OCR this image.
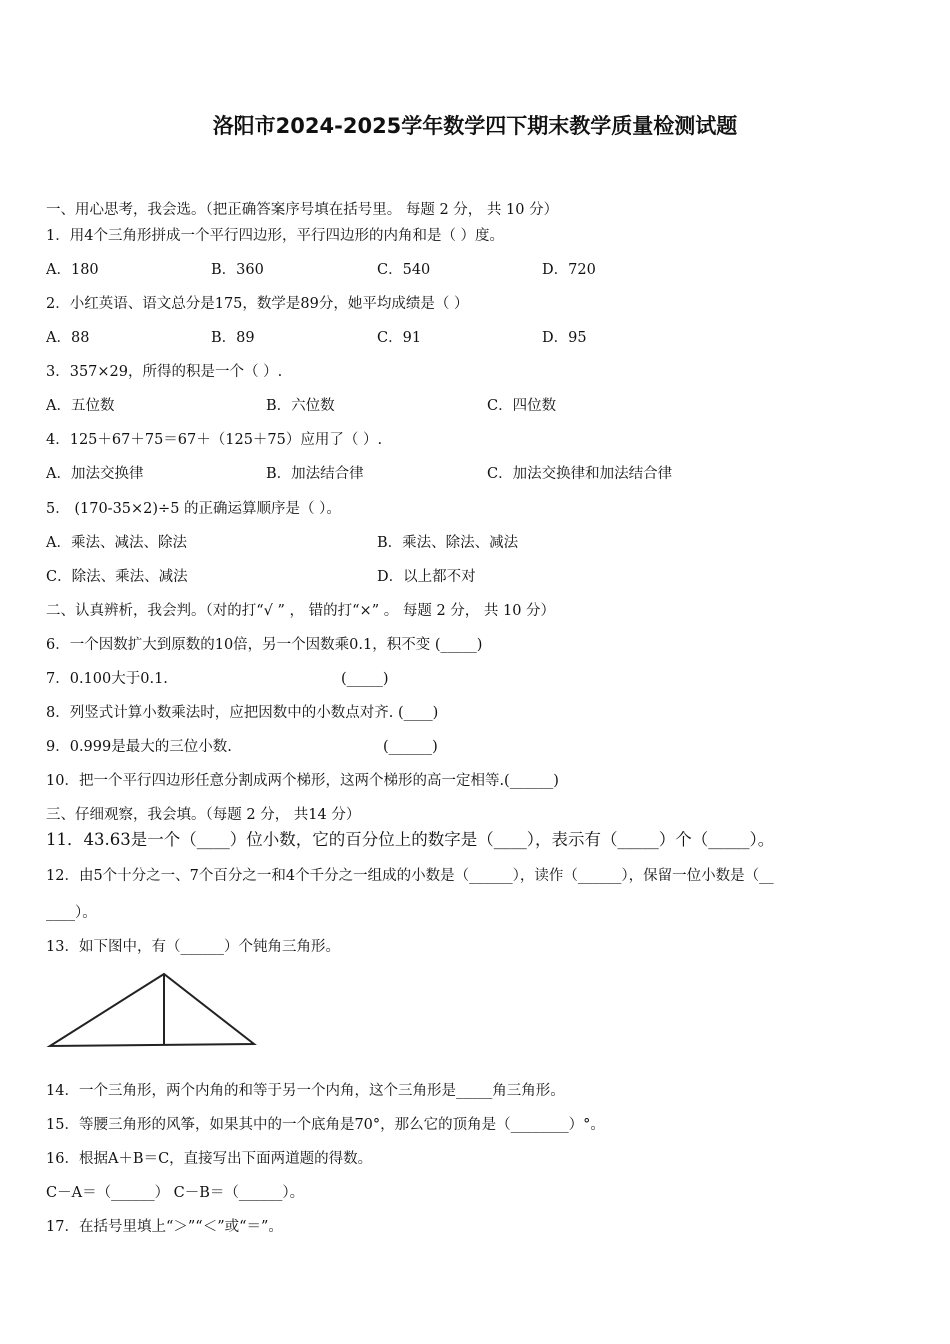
洛阳市2024-2025学年数学四下期末教学质量检测试题
一、用心思考，我会选。（把正确答案序号填在括号里。 每题 2 分， 共 10 分）
1．用4个三角形拼成一个平行四边形，平行四边形的内角和是（ ）度。
A．180	B．360	C．540	D．720
2．小红英语、语文总分是175，数学是89分，她平均成绩是（ ）
A．88	B．89	C．91	D．95
3．357×29，所得的积是一个（ ）.
A．五位数	B．六位数	C．四位数
4．125＋67＋75＝67＋（125＋75）应用了（ ）.
A．加法交换律	B．加法结合律	C．加法交换律和加法结合律
5． (170-35×2)÷5 的正确运算顺序是（ ）。
A．乘法、减法、除法	B．乘法、除法、减法
C．除法、乘法、减法	D．以上都不对
二、认真辨析，我会判。（对的打“√ ” ， 错的打“×” 。 每题 2 分， 共 10 分）
6．一个因数扩大到原数的10倍，另一个因数乘0.1，积不变 (_____)
7．0.100大于0.1.	(_____)
8．列竖式计算小数乘法时，应把因数中的小数点对齐. (____)
9．0.999是最大的三位小数.	(______)
10．把一个平行四边形任意分割成两个梯形，这两个梯形的高一定相等.(______)
三、仔细观察，我会填。（每题 2 分， 共14 分）
11．43.63是一个（____）位小数，它的百分位上的数字是（____），表示有（_____）个（_____）。
12．由5个十分之一、7个百分之一和4个千分之一组成的小数是（______），读作（______），保留一位小数是（__
____）。
13．如下图中，有（______）个钝角三角形。
14．一个三角形，两个内角的和等于另一个内角，这个三角形是_____角三角形。
15．等腰三角形的风筝，如果其中的一个底角是70°，那么它的顶角是（________）°。
16．根据A＋B＝C，直接写出下面两道题的得数。
C－A＝（______） C－B＝（______）。
17．在括号里填上“＞”“＜”或“＝”。
